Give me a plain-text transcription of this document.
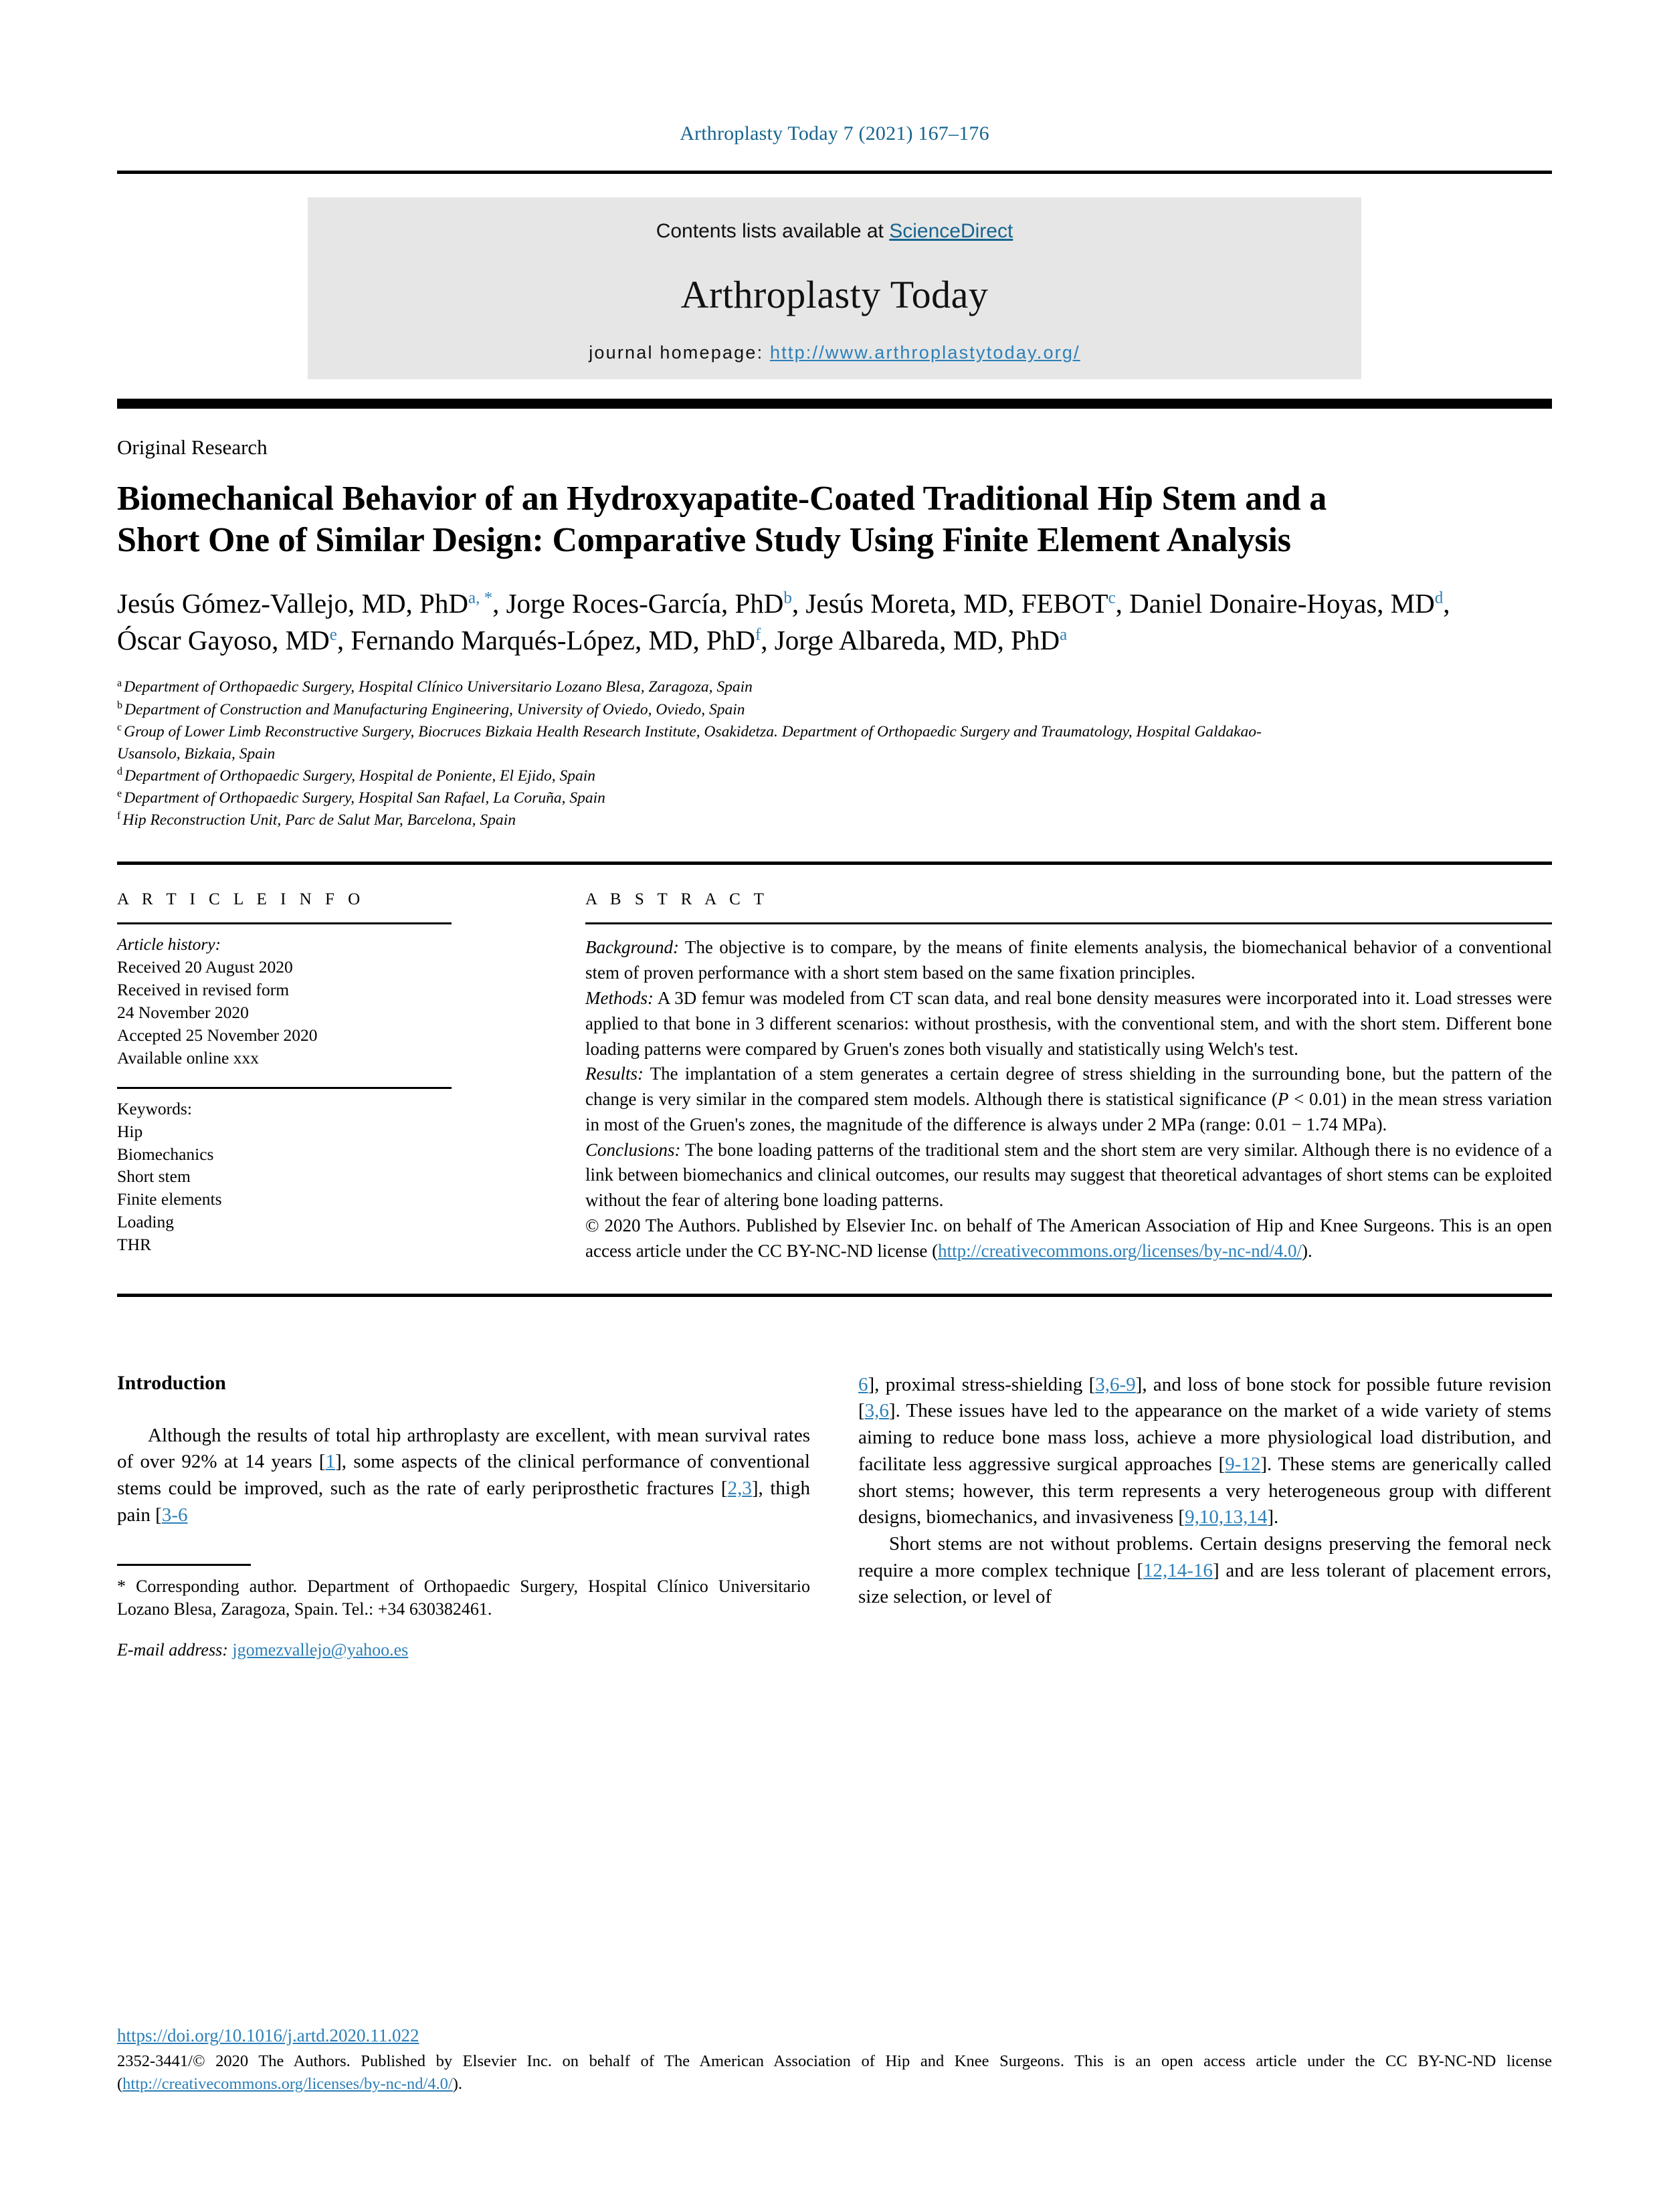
Arthroplasty Today 7 (2021) 167–176
Contents lists available at ScienceDirect
Arthroplasty Today
journal homepage: http://www.arthroplastytoday.org/
Original Research
Biomechanical Behavior of an Hydroxyapatite-Coated Traditional Hip Stem and a Short One of Similar Design: Comparative Study Using Finite Element Analysis
Jesús Gómez-Vallejo, MD, PhD$^{a, *}$, Jorge Roces-García, PhD$^b$, Jesús Moreta, MD, FEBOT$^c$, Daniel Donaire-Hoyas, $MD^d$, Óscar Gayoso, MDe, Fernando Marqués-López, MD, PhD$^f$, Jorge Albareda, MD, PhD$^a$
$^a$ Department of Orthopaedic Surgery, Hospital Clínico Universitario Lozano Blesa, Zaragoza, Spain
$^b$ Department of Construction and Manufacturing Engineering, University of Oviedo, Oviedo, Spain
$^c$ Group of Lower Limb Reconstructive Surgery, Biocruces Bizkaia Health Research Institute, Osakidetza. Department of Orthopaedic Surgery and Traumatology, Hospital Galdakao-Usansolo, Bizkaia, Spain
$^d$ Department of Orthopaedic Surgery, Hospital de Poniente, El Ejido, Spain
$^e$ Department of Orthopaedic Surgery, Hospital San Rafael, La Coruña, Spain
$^f$ Hip Reconstruction Unit, Parc de Salut Mar, Barcelona, Spain
A R T I C L E I N F O
Article history:
Received 20 August 2020
Received in revised form
24 November 2020
Accepted 25 November 2020
Available online xxx
Keywords:
Hip
Biomechanics
Short stem
Finite elements
Loading
THR
A B S T R A C T

Background: The objective is to compare, by the means of finite elements analysis, the biomechanical behavior of a conventional stem of proven performance with a short stem based on the same fixation principles.

Methods: A 3D femur was modeled from CT scan data, and real bone density measures were incorporated into it. Load stresses were applied to that bone in 3 different scenarios: without prosthesis, with the conventional stem, and with the short stem. Different bone loading patterns were compared by Gruen's zones both visually and statistically using Welch's test.

Results: The implantation of a stem generates a certain degree of stress shielding in the surrounding bone, but the pattern of the change is very similar in the compared stem models. Although there is statistical significance (P < 0.01) in the mean stress variation in most of the Gruen's zones, the magnitude of the difference is always under 2 MPa (range: 0.01 − 1.74 MPa).

Conclusions: The bone loading patterns of the traditional stem and the short stem are very similar. Although there is no evidence of a link between biomechanics and clinical outcomes, our results may suggest that theoretical advantages of short stems can be exploited without the fear of altering bone loading patterns.

© 2020 The Authors. Published by Elsevier Inc. on behalf of The American Association of Hip and Knee Surgeons. This is an open access article under the CC BY-NC-ND license (http://creativecommons.org/licenses/by-nc-nd/4.0/).

Introduction

Although the results of total hip arthroplasty are excellent, with mean survival rates of over 92% at 14 years [1], some aspects of the clinical performance of conventional stems could be improved, such as the rate of early periprosthetic fractures [2,3], thigh pain [3-6

* Corresponding author. Department of Orthopaedic Surgery, Hospital Clínico Universitario Lozano Blesa, Zaragoza, Spain. Tel.: +34 630382461.

E-mail address: jgomezvallejo@yahoo.es

6], proximal stress-shielding [3,6-9], and loss of bone stock for possible future revision [3,6]. These issues have led to the appearance on the market of a wide variety of stems aiming to reduce bone mass loss, achieve a more physiological load distribution, and facilitate less aggressive surgical approaches [9-12]. These stems are generically called short stems; however, this term represents a very heterogeneous group with different designs, biomechanics, and invasiveness [9,10,13,14].

Short stems are not without problems. Certain designs preserving the femoral neck require a more complex technique [12,14-16] and are less tolerant of placement errors, size selection, or level of

https://doi.org/10.1016/j.artd.2020.11.022
2352-3441/© 2020 The Authors. Published by Elsevier Inc. on behalf of The American Association of Hip and Knee Surgeons. This is an open access article under the CC BY-NC-ND license (http://creativecommons.org/licenses/by-nc-nd/4.0/).
